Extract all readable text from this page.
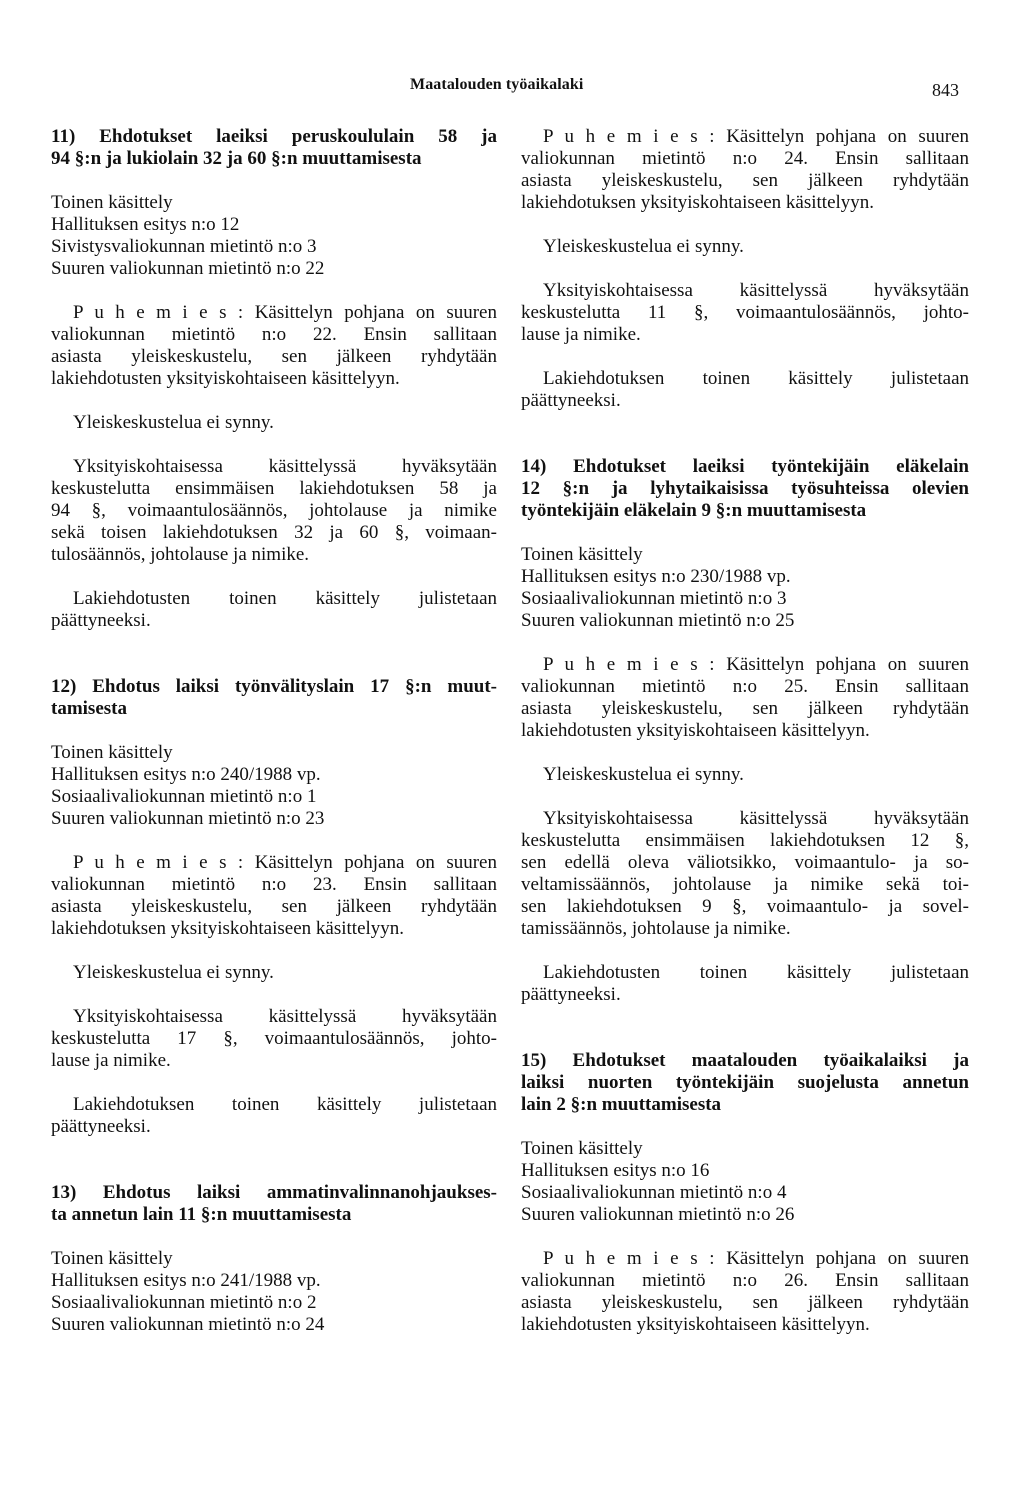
Maatalouden työaikalaki	843

11) Ehdotukset laeiksi peruskoululain 58 ja

94 §:n ja lukiolain 32 ja 60 §:n muuttamisesta

Toinen käsittely

Hallituksen esitys n:o 12

Sivistysvaliokunnan mietintö n:o 3

Suuren valiokunnan mietintö n:o 22

P u h e m i e s : Käsittelyn pohjana on suuren

valiokunnan mietintö n:o 22. Ensin sallitaan

asiasta yleiskeskustelu, sen jälkeen ryhdytään

lakiehdotusten yksityiskohtaiseen käsittelyyn.

Yleiskeskustelua ei synny.

Yksityiskohtaisessa käsittelyssä hyväksytään

keskustelutta ensimmäisen lakiehdotuksen 58 ja

94 §, voimaantulosäännös, johtolause ja nimike

sekä toisen lakiehdotuksen 32 ja 60 §, voimaan-

tulosäännös, johtolause ja nimike.

Lakiehdotusten toinen käsittely julistetaan

päättyneeksi.

12) Ehdotus laiksi työnvälityslain 17 §:n muut-

tamisesta

Toinen käsittely

Hallituksen esitys n:o 240/1988 vp.

Sosiaalivaliokunnan mietintö n:o 1

Suuren valiokunnan mietintö n:o 23

P u h e m i e s : Käsittelyn pohjana on suuren

valiokunnan mietintö n:o 23. Ensin sallitaan

asiasta yleiskeskustelu, sen jälkeen ryhdytään

lakiehdotuksen yksityiskohtaiseen käsittelyyn.

Yleiskeskustelua ei synny.

Yksityiskohtaisessa käsittelyssä hyväksytään

keskustelutta 17 §, voimaantulosäännös, johto-

lause ja nimike.

Lakiehdotuksen toinen käsittely julistetaan

päättyneeksi.

13) Ehdotus laiksi ammatinvalinnanohjaukses-

ta annetun lain 11 §:n muuttamisesta

Toinen käsittely

Hallituksen esitys n:o 241/1988 vp.

Sosiaalivaliokunnan mietintö n:o 2

Suuren valiokunnan mietintö n:o 24

P u h e m i e s : Käsittelyn pohjana on suuren

valiokunnan mietintö n:o 24. Ensin sallitaan

asiasta yleiskeskustelu, sen jälkeen ryhdytään

lakiehdotuksen yksityiskohtaiseen käsittelyyn.

Yleiskeskustelua ei synny.

Yksityiskohtaisessa käsittelyssä hyväksytään

keskustelutta 11 §, voimaantulosäännös, johto-

lause ja nimike.

Lakiehdotuksen toinen käsittely julistetaan

päättyneeksi.

14) Ehdotukset laeiksi työntekijäin eläkelain

12 §:n ja lyhytaikaisissa työsuhteissa olevien

työntekijäin eläkelain 9 §:n muuttamisesta

Toinen käsittely

Hallituksen esitys n:o 230/1988 vp.

Sosiaalivaliokunnan mietintö n:o 3

Suuren valiokunnan mietintö n:o 25

P u h e m i e s : Käsittelyn pohjana on suuren

valiokunnan mietintö n:o 25. Ensin sallitaan

asiasta yleiskeskustelu, sen jälkeen ryhdytään

lakiehdotusten yksityiskohtaiseen käsittelyyn.

Yleiskeskustelua ei synny.

Yksityiskohtaisessa käsittelyssä hyväksytään

keskustelutta ensimmäisen lakiehdotuksen 12 §,

sen edellä oleva väliotsikko, voimaantulo- ja so-

veltamissäännös, johtolause ja nimike sekä toi-

sen lakiehdotuksen 9 §, voimaantulo- ja sovel-

tamissäännös, johtolause ja nimike.

Lakiehdotusten toinen käsittely julistetaan

päättyneeksi.

15) Ehdotukset maatalouden työaikalaiksi ja

laiksi nuorten työntekijäin suojelusta annetun

lain 2 §:n muuttamisesta

Toinen käsittely

Hallituksen esitys n:o 16

Sosiaalivaliokunnan mietintö n:o 4

Suuren valiokunnan mietintö n:o 26

P u h e m i e s : Käsittelyn pohjana on suuren

valiokunnan mietintö n:o 26. Ensin sallitaan

asiasta yleiskeskustelu, sen jälkeen ryhdytään

lakiehdotusten yksityiskohtaiseen käsittelyyn.
